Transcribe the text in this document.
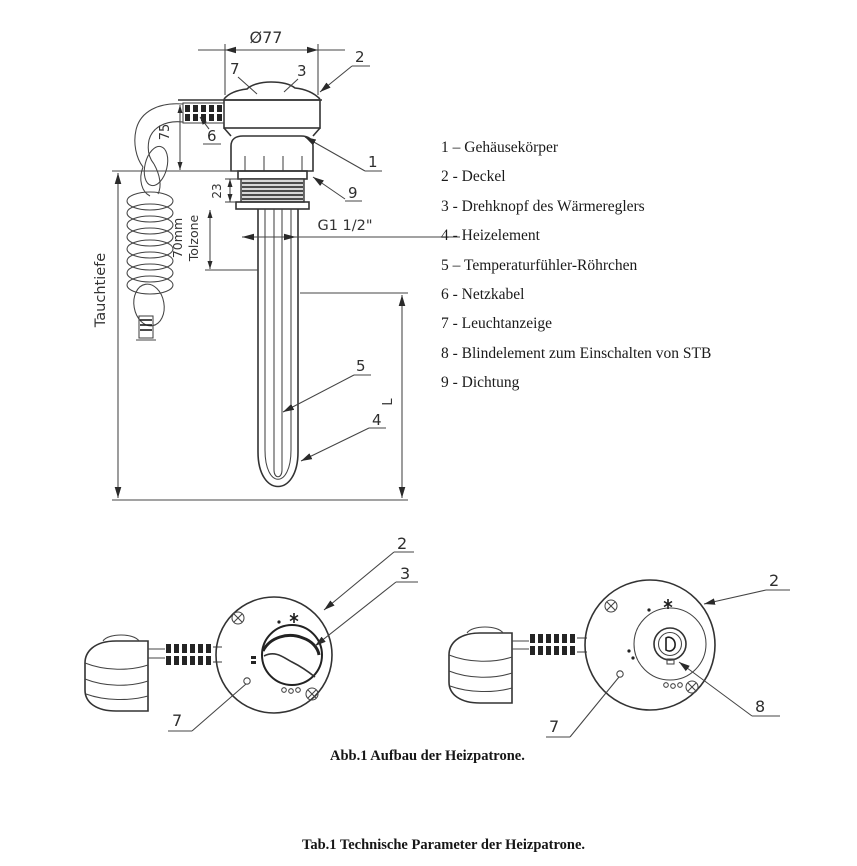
Ø77
75
Tauchtiefe
23
70mm Tolzone	G1 1/2"
L
7	3
2
6
1
9
5
4
2
3
7
2
8
7
1 – Gehäusekörper
2 - Deckel
3 - Drehknopf des Wärmereglers
4 - Heizelement
5 – Temperaturfühler-Röhrchen
6 - Netzkabel
7 - Leuchtanzeige
8 - Blindelement zum Einschalten von STB
9 - Dichtung
Abb.1 Aufbau der Heizpatrone.
Tab.1 Technische Parameter der Heizpatrone.
